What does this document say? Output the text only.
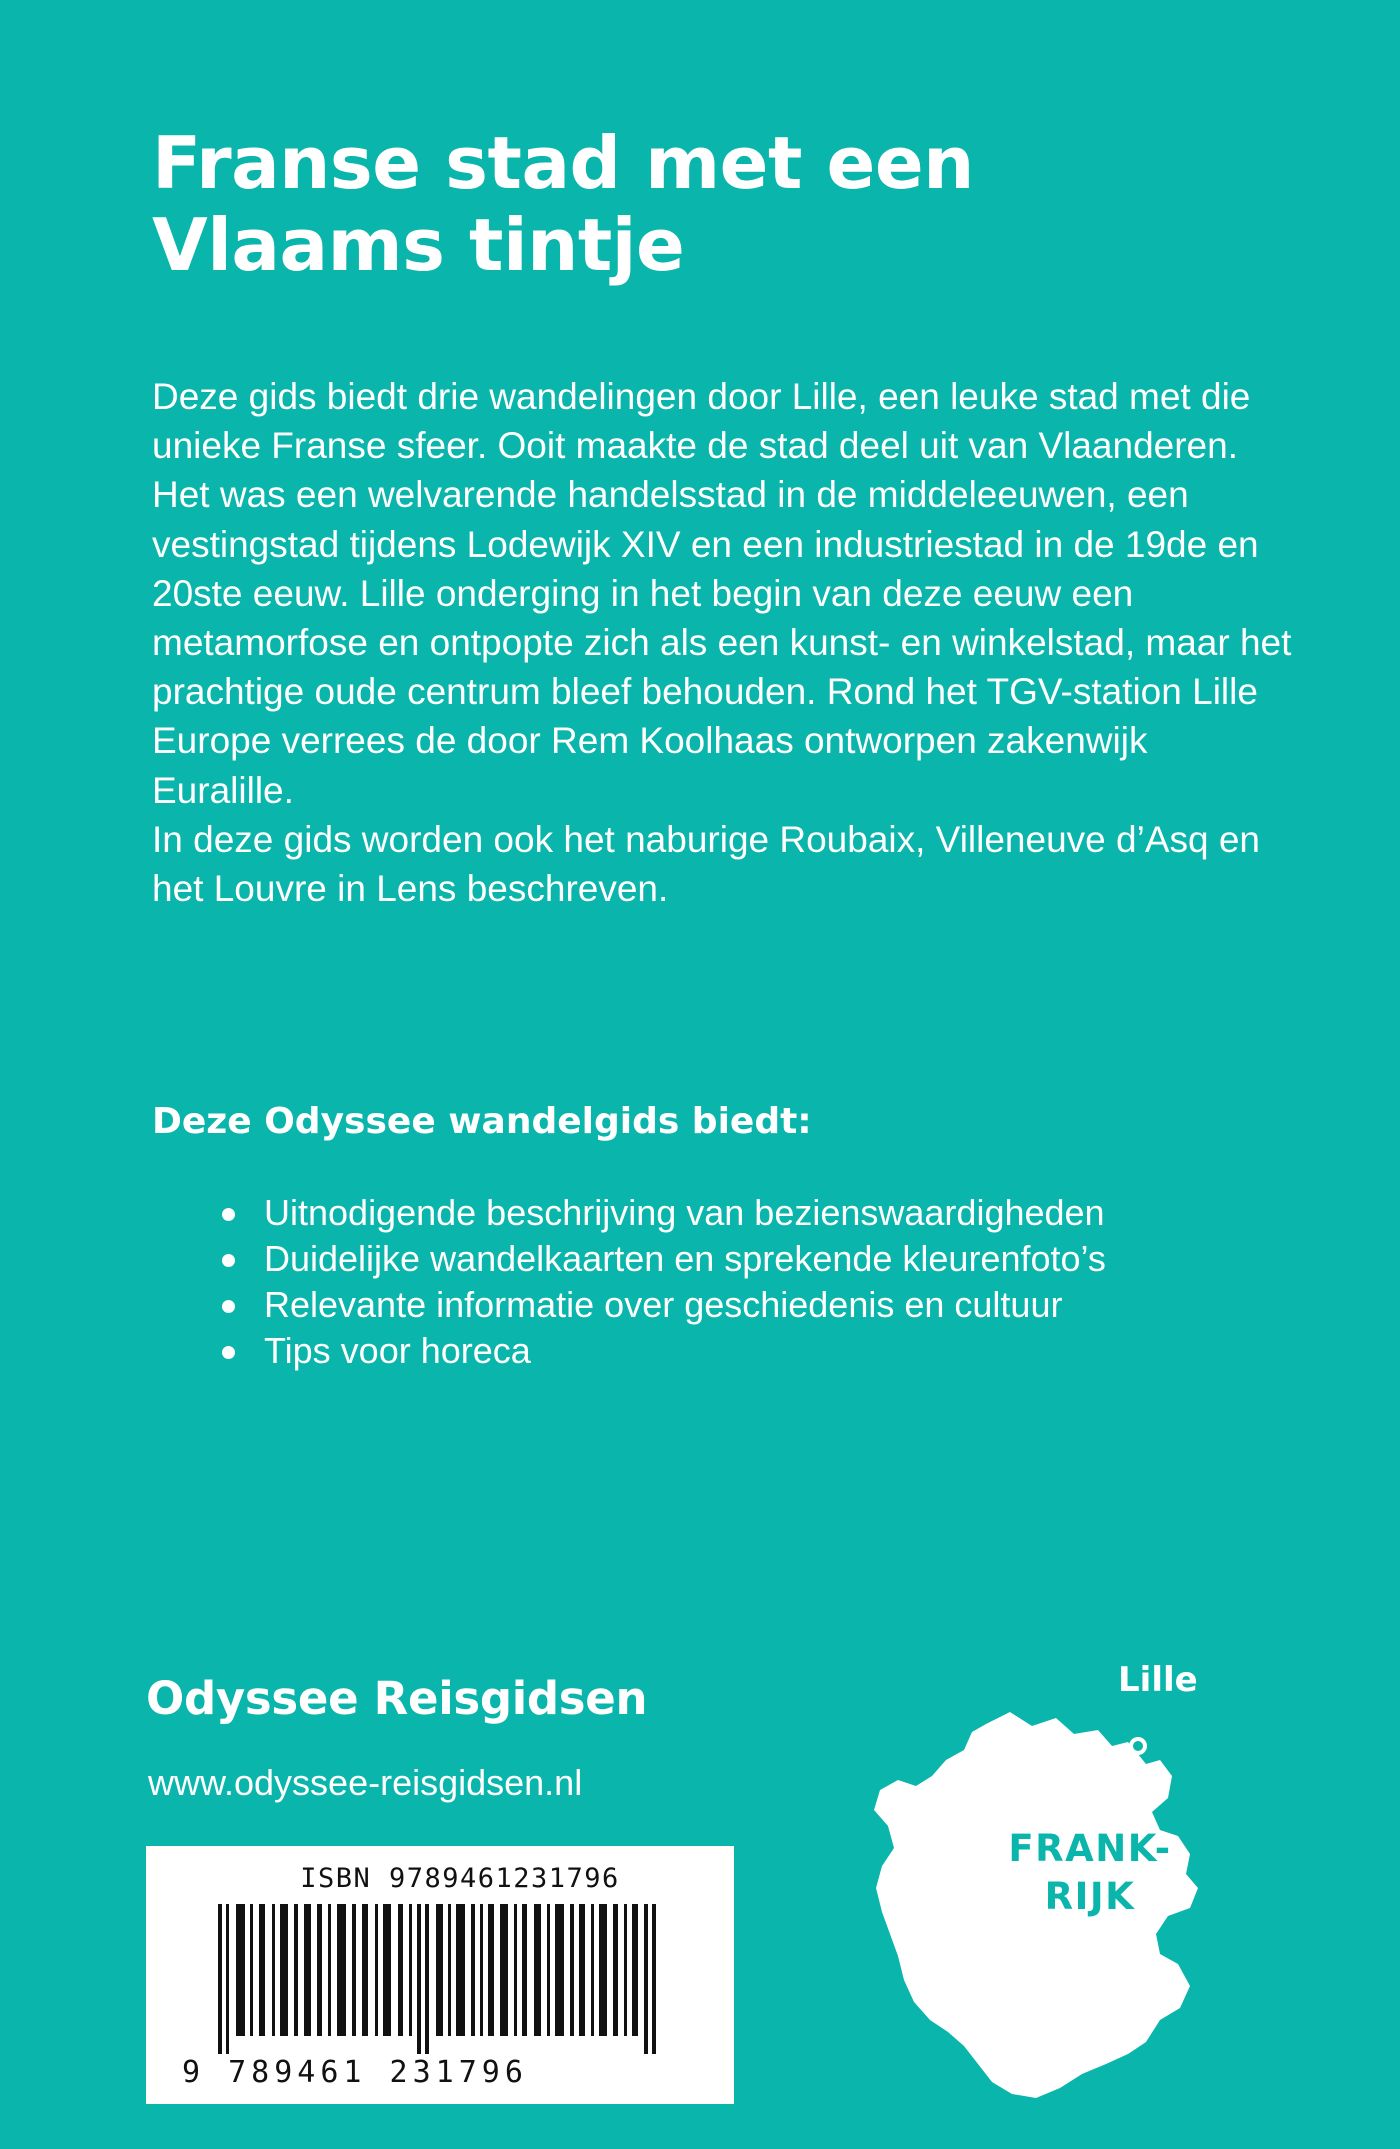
Franse stad met een
Vlaams tintje

Deze gids biedt drie wandelingen door Lille, een leuke stad met die unieke Franse sfeer. Ooit maakte de stad deel uit van Vlaanderen. Het was een welvarende handelsstad in de middeleeuwen, een vestingstad tijdens Lodewijk XIV en een industriestad in de 19de en 20ste eeuw. Lille onderging in het begin van deze eeuw een metamorfose en ontpopte zich als een kunst- en winkelstad, maar het prachtige oude centrum bleef behouden. Rond het TGV-station Lille Europe verrees de door Rem Koolhaas ontworpen zakenwijk Euralille.

In deze gids worden ook het naburige Roubaix, Villeneuve d’Asq en het Louvre in Lens beschreven.

Deze Odyssee wandelgids biedt:
Uitnodigende beschrijving van bezienswaardigheden
Duidelijke wandelkaarten en sprekende kleurenfoto’s
Relevante informatie over geschiedenis en cultuur
Tips voor horeca
Odyssee Reisgidsen
www.odyssee-reisgidsen.nl
ISBN 9789461231796
9 789461 231796
Lille
FRANK-
RIJK
